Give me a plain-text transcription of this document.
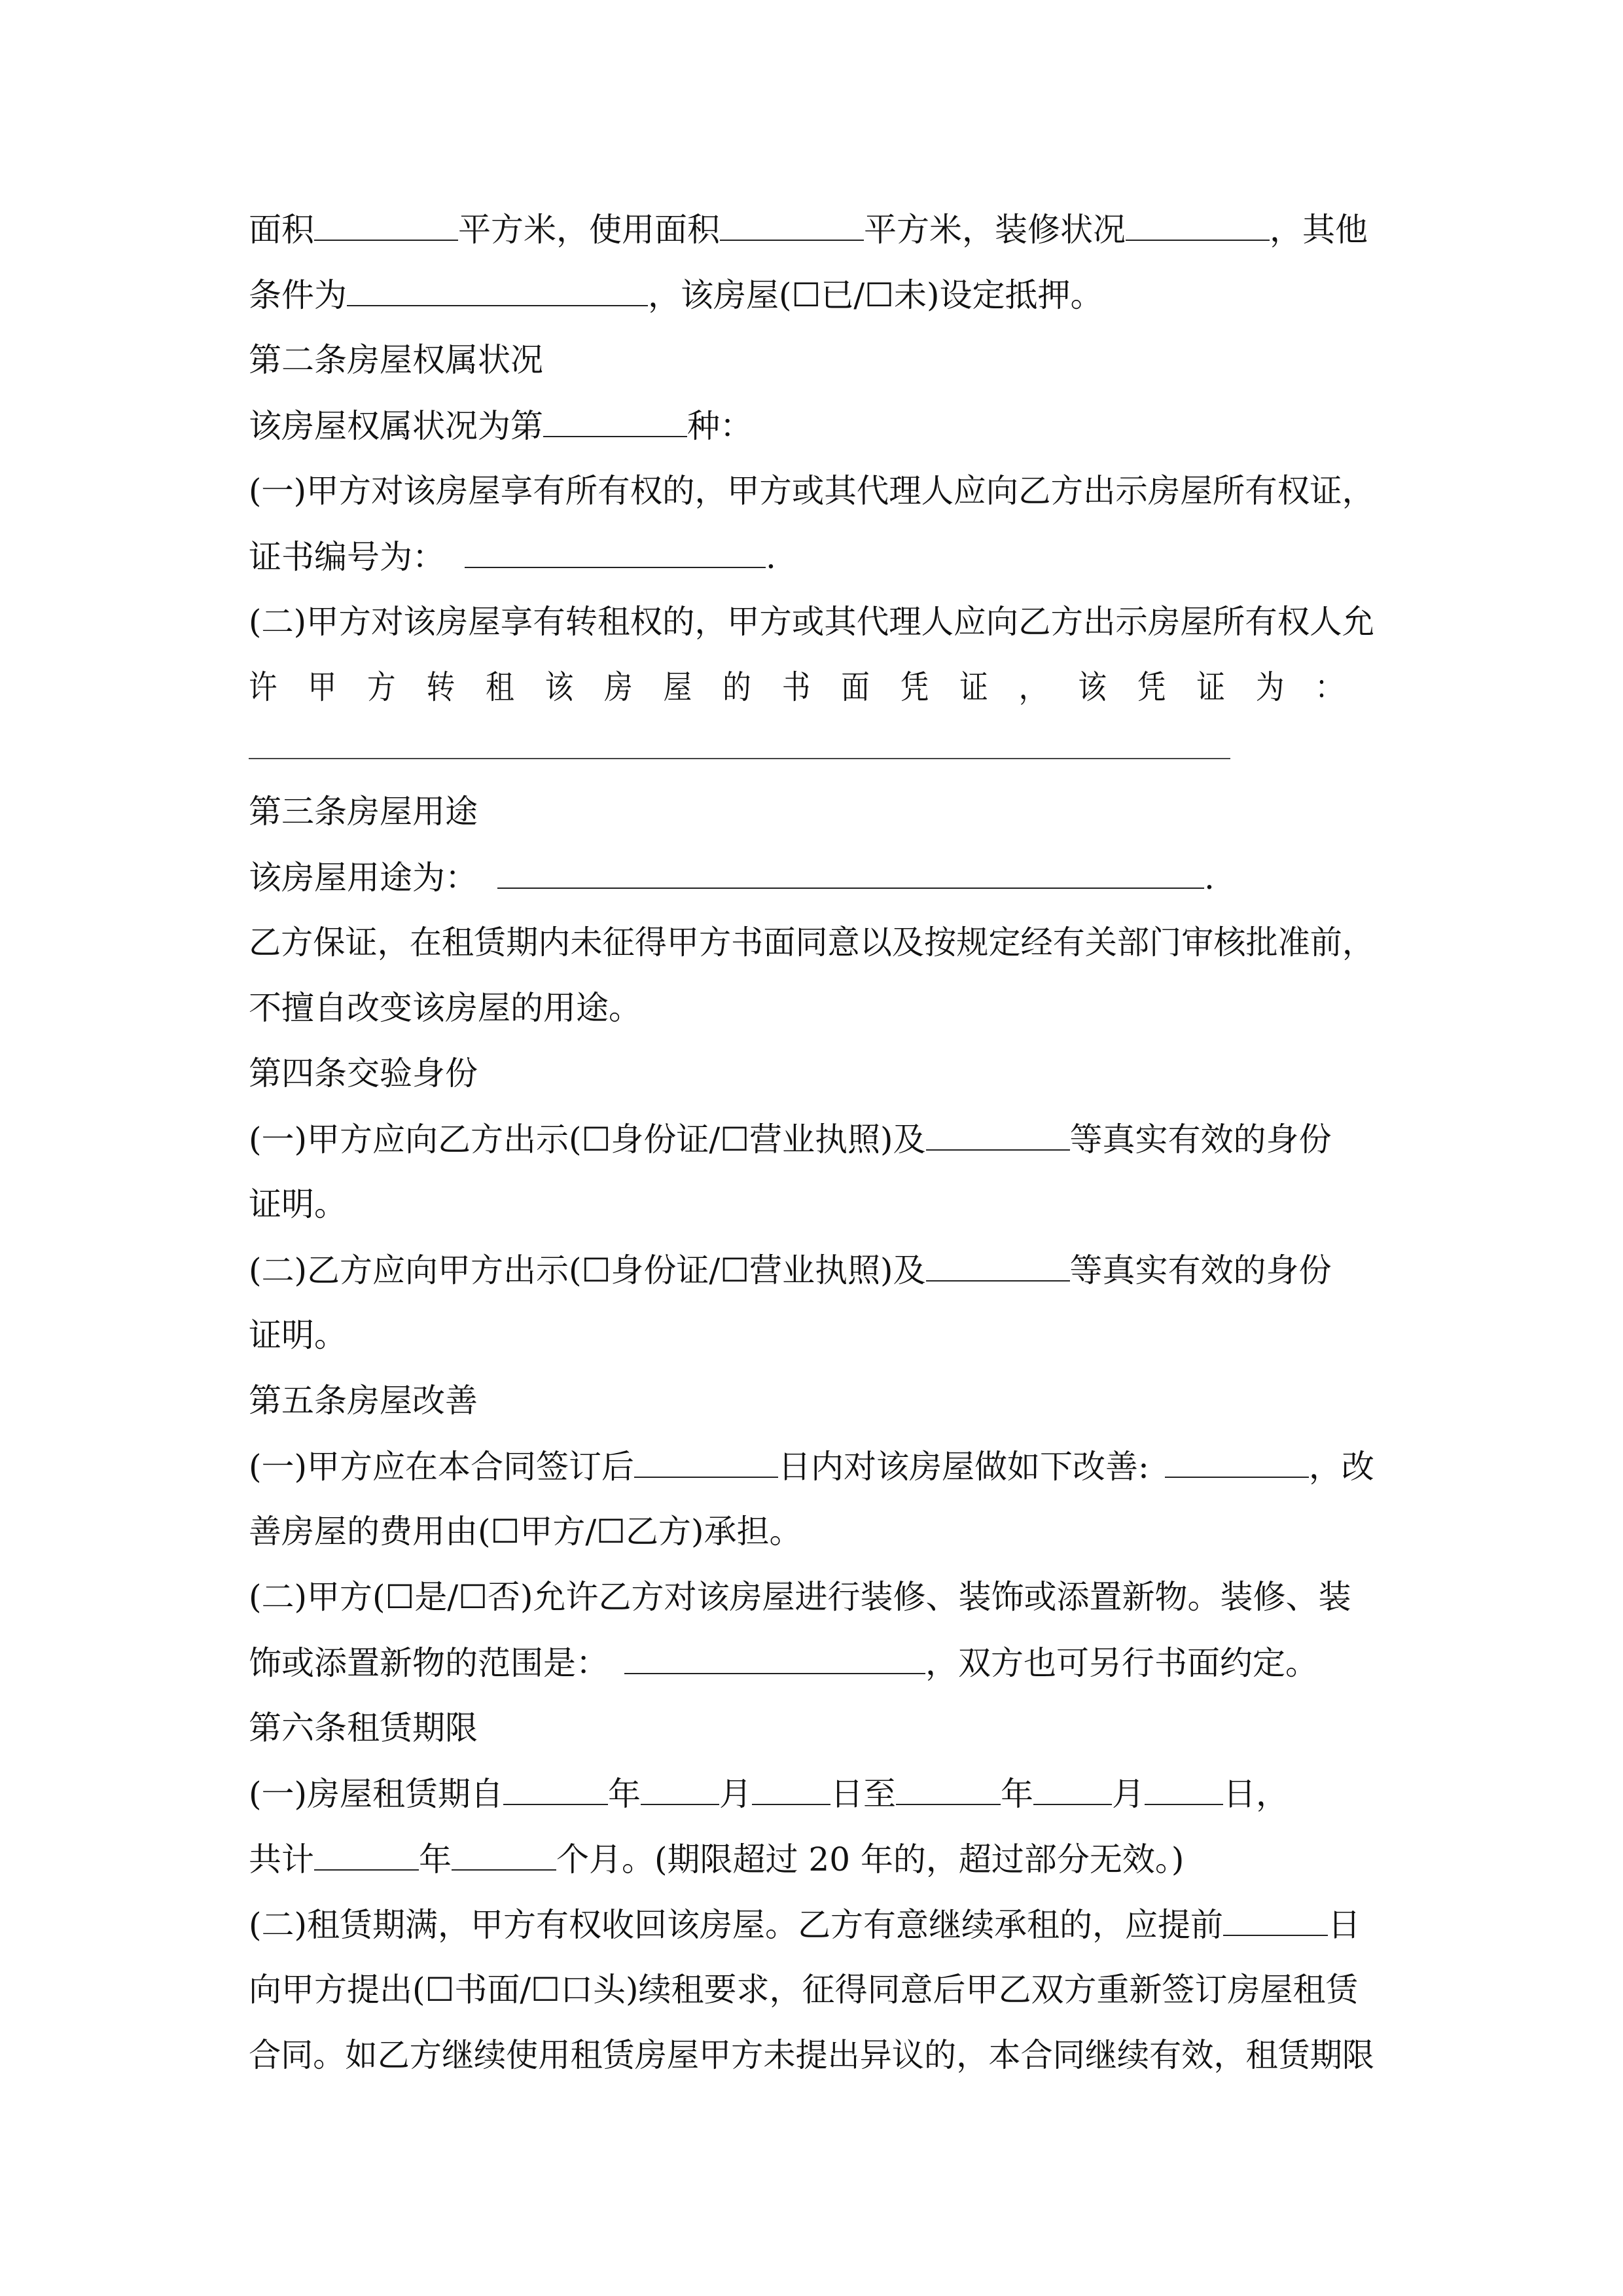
面积	平方米，使用面积	平方米，装修状况	，其他
条件为	，该房屋(☐已/☐未)设定抵押。
第二条房屋权属状况
该房屋权属状况为第	种：
(一)甲方对该房屋享有所有权的，甲方或其代理人应向乙方出示房屋所有权证，
证书编号为：	.
(二)甲方对该房屋享有转租权的，甲方或其代理人应向乙方出示房屋所有权人允
许甲方转租该房屋的书面凭证，该凭证为：
第三条房屋用途
该房屋用途为：	.
乙方保证，在租赁期内未征得甲方书面同意以及按规定经有关部门审核批准前，
不擅自改变该房屋的用途。
第四条交验身份
(一)甲方应向乙方出示(☐身份证/☐营业执照)及	等真实有效的身份
证明。
(二)乙方应向甲方出示(☐身份证/☐营业执照)及	等真实有效的身份
证明。
第五条房屋改善
(一)甲方应在本合同签订后	日内对该房屋做如下改善:	，改
善房屋的费用由(☐甲方/☐乙方)承担。
(二)甲方(☐是/☐否)允许乙方对该房屋进行装修、装饰或添置新物。装修、装
饰或添置新物的范围是：	，双方也可另行书面约定。
第六条租赁期限
(一)房屋租赁期自	年 月 日至	年 月 日，
共计	年	个月。(期限超过 20 年的，超过部分无效。)
(二)租赁期满，甲方有权收回该房屋。乙方有意继续承租的，应提前	日
向甲方提出(☐书面/☐口头)续租要求，征得同意后甲乙双方重新签订房屋租赁
合同。如乙方继续使用租赁房屋甲方未提出异议的，本合同继续有效，租赁期限
